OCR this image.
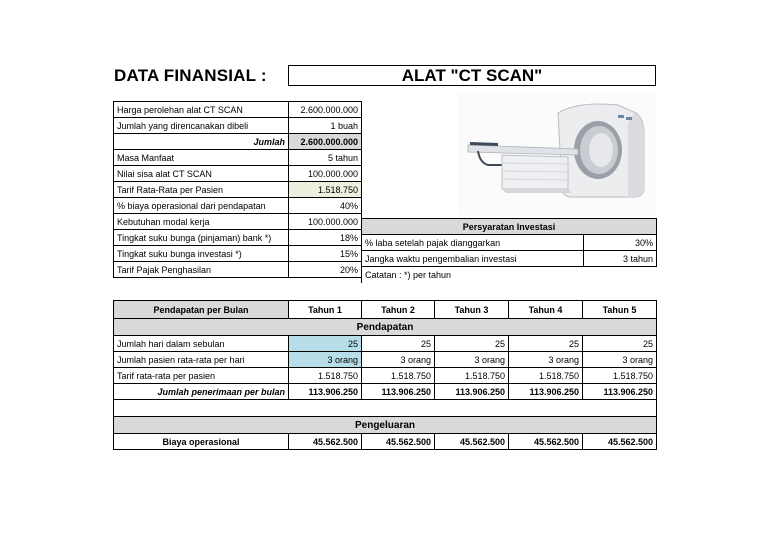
DATA FINANSIAL :	ALAT "CT SCAN"
Harga perolehan alat CT SCAN	2.600.000.000
Jumlah yang direncanakan dibeli	1 buah
Jumlah	2.600.000.000
Masa Manfaat	5 tahun
Nilai sisa alat CT SCAN	100.000.000
Tarif Rata-Rata per Pasien	1.518.750
% biaya operasional dari pendapatan	40%
Kebutuhan modal kerja	100.000.000
Tingkat suku bunga (pinjaman) bank *)	18%
Tingkat suku bunga investasi *)	15%
Tarif Pajak Penghasilan	20%
Persyaratan Investasi	
% laba setelah pajak dianggarkan	30%
Jangka waktu pengembalian investasi	3 tahun
Catatan : *) per tahun	
Pendapatan per Bulan	Tahun 1	Tahun 2	Tahun 3	Tahun 4	Tahun 5
Pendapatan					
Jumlah hari dalam sebulan	25	25	25	25	25
Jumlah pasien rata-rata per hari	3 orang	3 orang	3 orang	3 orang	3 orang
Tarif rata-rata per pasien	1.518.750	1.518.750	1.518.750	1.518.750	1.518.750
Jumlah penerimaan per bulan	113.906.250	113.906.250	113.906.250	113.906.250	113.906.250

Pengeluaran					
Biaya operasional	45.562.500	45.562.500	45.562.500	45.562.500	45.562.500
